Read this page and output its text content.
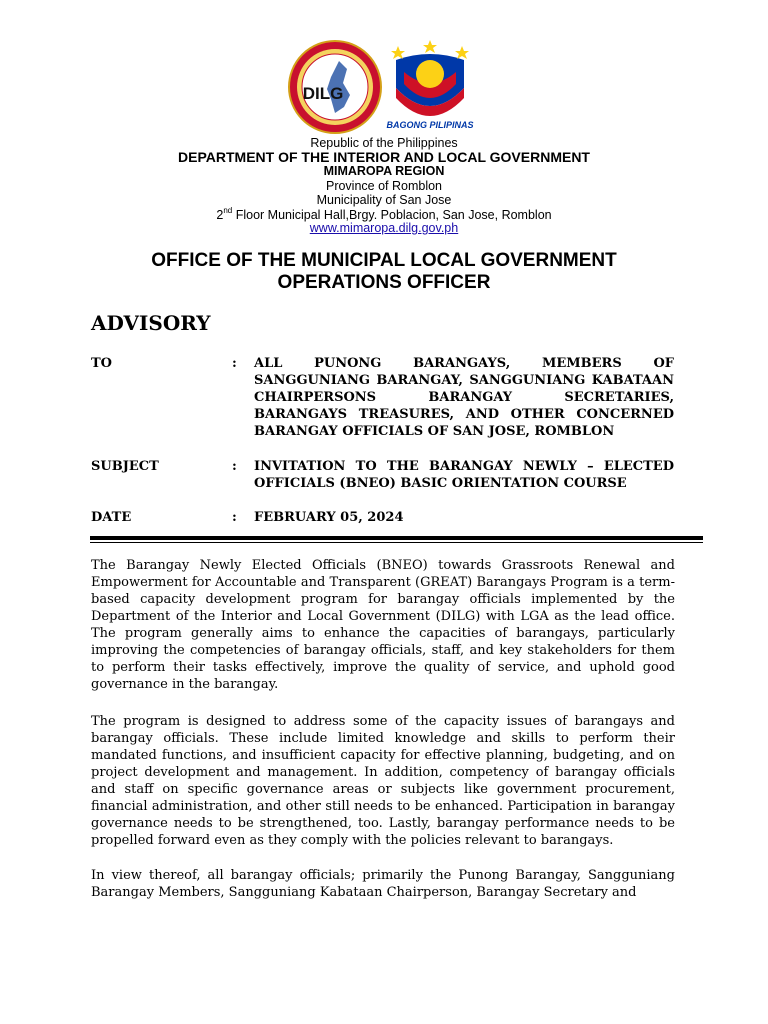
DILG
BAGONG PILIPINAS
Republic of the Philippines
DEPARTMENT OF THE INTERIOR AND LOCAL GOVERNMENT
MIMAROPA REGION
Province of Romblon
Municipality of San Jose
2nd Floor Municipal Hall,Brgy. Poblacion, San Jose, Romblon
www.mimaropa.dilg.gov.ph
OFFICE OF THE MUNICIPAL LOCAL GOVERNMENT
OPERATIONS OFFICER
ADVISORY
TO	: ALL PUNONG BARANGAYS, MEMBERS OF SANGGUNIANG BARANGAY, SANGGUNIANG KABATAAN CHAIRPERSONS BARANGAY SECRETARIES, BARANGAYS TREASURES, AND OTHER CONCERNED BARANGAY OFFICIALS OF SAN JOSE, ROMBLON
SUBJECT	: INVITATION TO THE BARANGAY NEWLY – ELECTED OFFICIALS (BNEO) BASIC ORIENTATION COURSE
DATE	: FEBRUARY 05, 2024

The Barangay Newly Elected Officials (BNEO) towards Grassroots Renewal and Empowerment for Accountable and Transparent (GREAT) Barangays Program is a term-based capacity development program for barangay officials implemented by the Department of the Interior and Local Government (DILG) with LGA as the lead office. The program generally aims to enhance the capacities of barangays, particularly improving the competencies of barangay officials, staff, and key stakeholders for them to perform their tasks effectively, improve the quality of service, and uphold good governance in the barangay.

The program is designed to address some of the capacity issues of barangays and barangay officials. These include limited knowledge and skills to perform their mandated functions, and insufficient capacity for effective planning, budgeting, and on project development and management. In addition, competency of barangay officials and staff on specific governance areas or subjects like government procurement, financial administration, and other still needs to be enhanced. Participation in barangay governance needs to be strengthened, too. Lastly, barangay performance needs to be propelled forward even as they comply with the policies relevant to barangays.

In view thereof, all barangay officials; primarily the Punong Barangay, Sangguniang Barangay Members, Sangguniang Kabataan Chairperson, Barangay Secretary and
